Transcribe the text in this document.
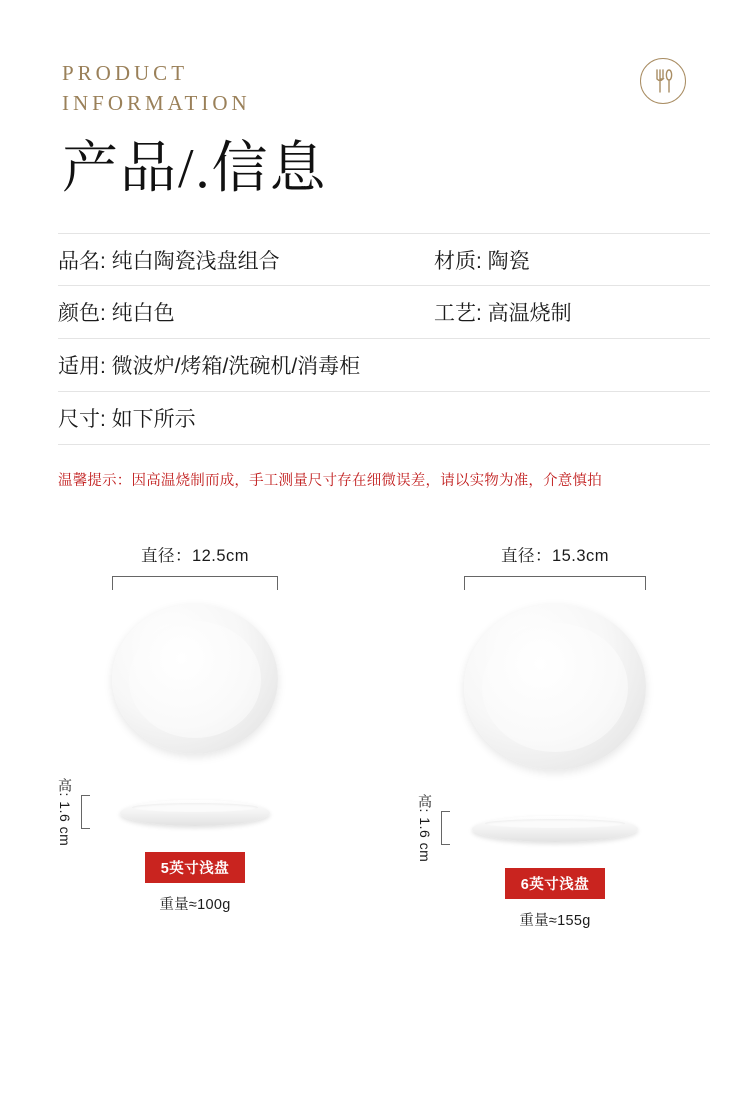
PRODUCT
INFORMATION
产品/.信息
品名: 纯白陶瓷浅盘组合	材质: 陶瓷
颜色: 纯白色	工艺: 高温烧制
适用: 微波炉/烤箱/洗碗机/消毒柜
尺寸: 如下所示
温馨提示：因高温烧制而成，手工测量尺寸存在细微误差，请以实物为准，介意慎拍
直径：12.5cm
高: 1.6 cm
5英寸浅盘
重量≈100g
直径：15.3cm
高: 1.6 cm
6英寸浅盘
重量≈155g
